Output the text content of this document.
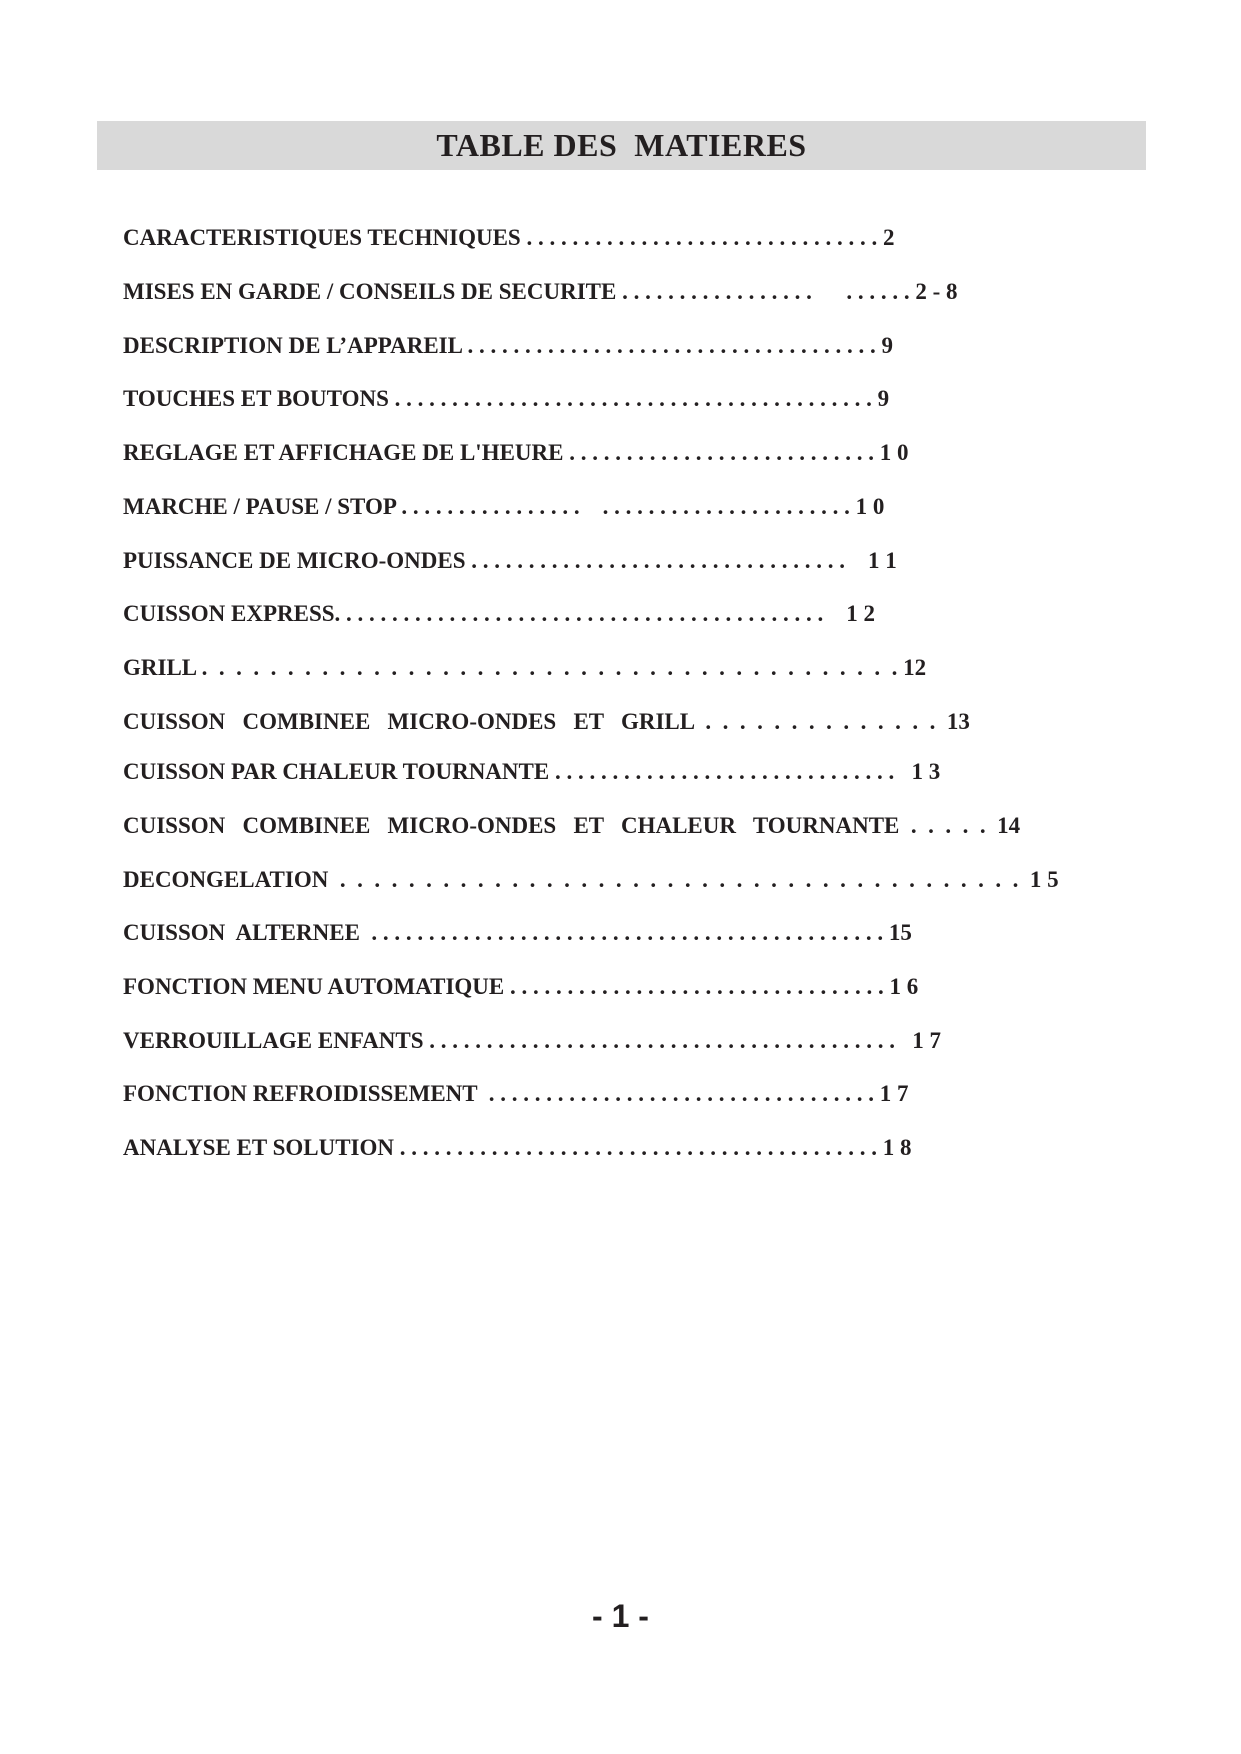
TABLE DES  MATIERES
CARACTERISTIQUES TECHNIQUES . . . . . . . . . . . . . . . . . . . . . . . . . . . . . . . 2
MISES EN GARDE / CONSEILS DE SECURITE . . . . . . . . . . . . . . . . .      . . . . . . 2 - 8
DESCRIPTION DE L’APPAREIL . . . . . . . . . . . . . . . . . . . . . . . . . . . . . . . . . . . . 9
TOUCHES ET BOUTONS . . . . . . . . . . . . . . . . . . . . . . . . . . . . . . . . . . . . . . . . . . 9
REGLAGE ET AFFICHAGE DE L'HEURE . . . . . . . . . . . . . . . . . . . . . . . . . . . 1 0
MARCHE / PAUSE / STOP . . . . . . . . . . . . . . . .    . . . . . . . . . . . . . . . . . . . . . . 1 0
PUISSANCE DE MICRO-ONDES . . . . . . . . . . . . . . . . . . . . . . . . . . . . . . . . .    1 1
CUISSON EXPRESS. . . . . . . . . . . . . . . . . . . . . . . . . . . . . . . . . . . . . . . . . . .    1 2
GRILL .  .  .  .  .  .  .  .  .  .  .  .  .  .  .  .  .  .  .  .  .  .  .  .  .  .  .  .  .  .  .  .  .  .  .  .  .  .  .  .  . 12
CUISSON   COMBINEE   MICRO-ONDES   ET   GRILL  .  .  .  .  .  .  .  .  .  .  .  .  .  .  13
CUISSON PAR CHALEUR TOURNANTE . . . . . . . . . . . . . . . . . . . . . . . . . . . . . .   1 3
CUISSON   COMBINEE   MICRO-ONDES   ET   CHALEUR   TOURNANTE  .  .  .  .  .  14
DECONGELATION  .  .  .  .  .  .  .  .  .  .  .  .  .  .  .  .  .  .  .  .  .  .  .  .  .  .  .  .  .  .  .  .  .  .  .  .  .  .  .  .  1 5
CUISSON  ALTERNEE  . . . . . . . . . . . . . . . . . . . . . . . . . . . . . . . . . . . . . . . . . . . . . 15
FONCTION MENU AUTOMATIQUE . . . . . . . . . . . . . . . . . . . . . . . . . . . . . . . . . 1 6
VERROUILLAGE ENFANTS . . . . . . . . . . . . . . . . . . . . . . . . . . . . . . . . . . . . . . . . .   1 7
FONCTION REFROIDISSEMENT  . . . . . . . . . . . . . . . . . . . . . . . . . . . . . . . . . . 1 7
ANALYSE ET SOLUTION . . . . . . . . . . . . . . . . . . . . . . . . . . . . . . . . . . . . . . . . . . 1 8
- 1 -
